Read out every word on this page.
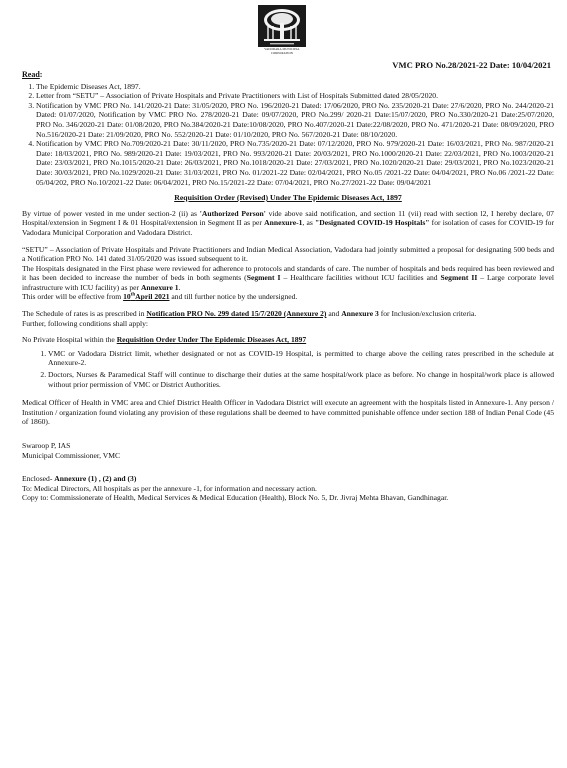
VADODARA MUNICIPAL CORPORATION
VMC PRO No.28/2021-22 Date: 10/04/2021
Read:
1. The Epidemic Diseases Act, 1897.
2. Letter from “SETU” – Association of Private Hospitals and Private Practitioners with List of Hospitals Submitted dated 28/05/2020.
3. Notification by VMC PRO No. 141/2020-21 Date: 31/05/2020, PRO No. 196/2020-21 Dated: 17/06/2020, PRO No. 235/2020-21 Date: 27/6/2020, PRO No. 244/2020-21 Dated: 01/07/2020, Notification by VMC PRO No. 278/2020-21 Date: 09/07/2020, PRO No.299/ 2020-21 Date:15/07/2020, PRO No.330/2020-21 Date:25/07/2020, PRO No. 346/2020-21 Date: 01/08/2020, PRO No.384/2020-21 Date:10/08/2020, PRO No.407/2020-21 Date:22/08/2020, PRO No. 471/2020-21 Date: 08/09/2020, PRO No.516/2020-21 Date: 21/09/2020, PRO No. 552/2020-21 Date: 01/10/2020, PRO No. 567/2020-21 Date: 08/10/2020.
4. Notification by VMC PRO No.709/2020-21 Date: 30/11/2020, PRO No.735/2020-21 Date: 07/12/2020, PRO No. 979/2020-21 Date: 16/03/2021, PRO No. 987/2020-21 Date: 18/03/2021, PRO No. 989/2020-21 Date: 19/03/2021, PRO No. 993/2020-21 Date: 20/03/2021, PRO No.1000/2020-21 Date: 22/03/2021, PRO No.1003/2020-21 Date: 23/03/2021, PRO No.1015/2020-21 Date: 26/03/2021, PRO No.1018/2020-21 Date: 27/03/2021, PRO No.1020/2020-21 Date: 29/03/2021, PRO No.1023/2020-21 Date: 30/03/2021, PRO No.1029/2020-21 Date: 31/03/2021, PRO No. 01/2021-22 Date: 02/04/2021, PRO No.05 /2021-22 Date: 04/04/2021, PRO No.06 /2021-22 Date: 05/04/202, PRO No.10/2021-22 Date: 06/04/2021, PRO No.15/2021-22 Date: 07/04/2021, PRO No.27/2021-22 Date: 09/04/2021
Requisition Order (Revised) Under The Epidemic Diseases Act, 1897

By virtue of power vested in me under section-2 (ii) as 'Authorized Person' vide above said notification, and section 11 (vii) read with section l2, I hereby declare, 07 Hospital/extension in Segment I & 01 Hospital/extension in Segment II as per Annexure-1, as "Designated COVID-19 Hospitals" for isolation of cases for COVID-19 for Vadodara Municipal Corporation and Vadodara District.

“SETU” – Association of Private Hospitals and Private Practitioners and Indian Medical Association, Vadodara had jointly submitted a proposal for designating 500 beds and a Notification PRO No. 141 dated 31/05/2020 was issued subsequent to it.

The Hospitals designated in the First phase were reviewed for adherence to protocols and standards of care. The number of hospitals and beds required has been reviewed and it has been decided to increase the number of beds in both segments (Segment I – Healthcare facilities without ICU facilities and Segment II – Large corporate level infrastructure with ICU facility) as per Annexure 1.

This order will be effective from 10thApril 2021 and till further notice by the undersigned.

The Schedule of rates is as prescribed in Notification PRO No. 299 dated 15/7/2020 (Annexure 2) and Annexure 3 for Inclusion/exclusion criteria.

Further, following conditions shall apply:

No Private Hospital within the Requisition Order Under The Epidemic Diseases Act, 1897

1. VMC or Vadodara District limit, whether designated or not as COVID-19 Hospital, is permitted to charge above the ceiling rates prescribed in the schedule at Annexure-2.
2. Doctors, Nurses & Paramedical Staff will continue to discharge their duties at the same hospital/work place as before. No change in hospital/work place is allowed without prior permission of VMC or District Authorities.

Medical Officer of Health in VMC area and Chief District Health Officer in Vadodara District will execute an agreement with the hospitals listed in Annexure-1. Any person / Institution / organization found violating any provision of these regulations shall be deemed to have committed punishable offence under section 188 of Indian Penal Code (45 of 1860).

Swaroop P, IAS

Municipal Commissioner, VMC

Enclosed- Annexure (1) , (2) and (3)

To: Medical Directors, All hospitals as per the annexure -1, for information and necessary action.

Copy to: Commissionerate of Health, Medical Services & Medical Education (Health), Block No. 5, Dr. Jivraj Mehta Bhavan, Gandhinagar.
